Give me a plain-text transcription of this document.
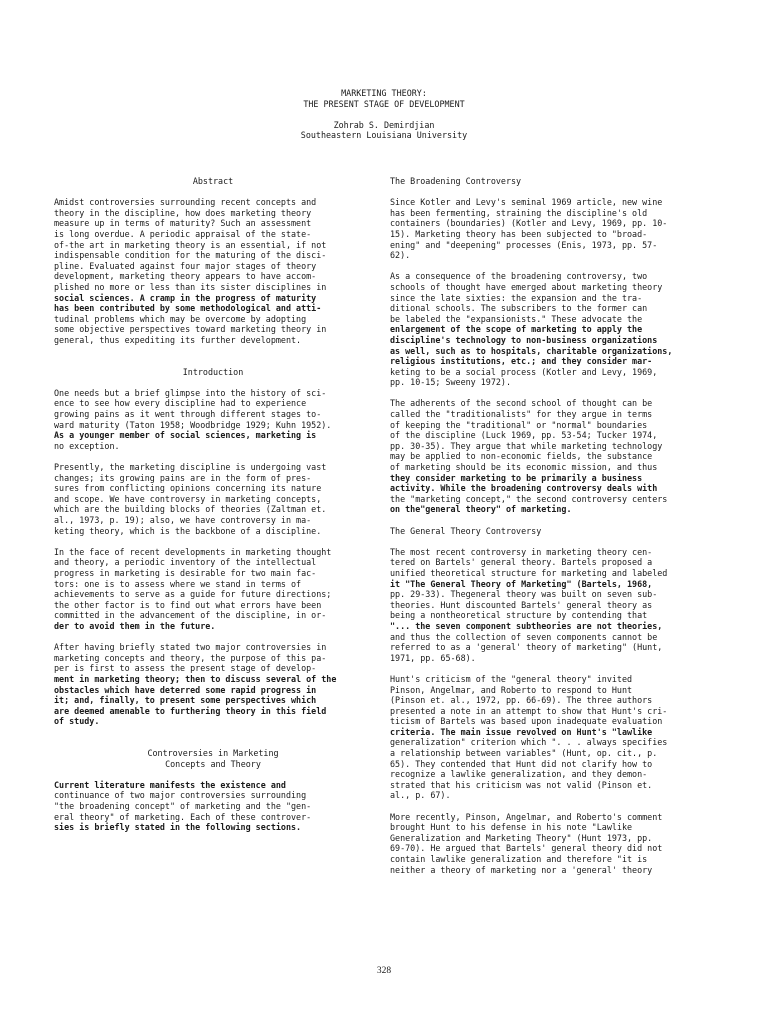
MARKETING THEORY:
THE PRESENT STAGE OF DEVELOPMENT
Zohrab S. Demirdjian
Southeastern Louisiana University
Abstract
Amidst controversies surrounding recent concepts and
theory in the discipline, how does marketing theory
measure up in terms of maturity? Such an assessment
is long overdue. A periodic appraisal of the state-
of-the art in marketing theory is an essential, if not
indispensable condition for the maturing of the disci-
pline. Evaluated against four major stages of theory
development, marketing theory appears to have accom-
plished no more or less than its sister disciplines in
social sciences. A cramp in the progress of maturity
has been contributed by some methodological and atti-
tudinal problems which may be overcome by adopting
some objective perspectives toward marketing theory in
general, thus expediting its further development.
Introduction
One needs but a brief glimpse into the history of sci-
ence to see how every discipline had to experience
growing pains as it went through different stages to-
ward maturity (Taton 1958; Woodbridge 1929; Kuhn 1952).
As a younger member of social sciences, marketing is
no exception.
Presently, the marketing discipline is undergoing vast
changes; its growing pains are in the form of pres-
sures from conflicting opinions concerning its nature
and scope. We have controversy in marketing concepts,
which are the building blocks of theories (Zaltman et.
al., 1973, p. 19); also, we have controversy in ma-
keting theory, which is the backbone of a discipline.
In the face of recent developments in marketing thought
and theory, a periodic inventory of the intellectual
progress in marketing is desirable for two main fac-
tors: one is to assess where we stand in terms of
achievements to serve as a guide for future directions;
the other factor is to find out what errors have been
committed in the advancement of the discipline, in or-
der to avoid them in the future.
After having briefly stated two major controversies in
marketing concepts and theory, the purpose of this pa-
per is first to assess the present stage of develop-
ment in marketing theory; then to discuss several of the
obstacles which have deterred some rapid progress in
it; and, finally, to present some perspectives which
are deemed amenable to furthering theory in this field
of study.
Controversies in Marketing
Concepts and Theory
Current literature manifests the existence and
continuance of two major controversies surrounding
"the broadening concept" of marketing and the "gen-
eral theory" of marketing. Each of these controver-
sies is briefly stated in the following sections.
The Broadening Controversy
Since Kotler and Levy's seminal 1969 article, new wine
has been fermenting, straining the discipline's old
containers (boundaries) (Kotler and Levy, 1969, pp. 10-
15). Marketing theory has been subjected to "broad-
ening" and "deepening" processes (Enis, 1973, pp. 57-
62).
As a consequence of the broadening controversy, two
schools of thought have emerged about marketing theory
since the late sixties: the expansion and the tra-
ditional schools. The subscribers to the former can
be labeled the "expansionists." These advocate the
enlargement of the scope of marketing to apply the
discipline's technology to non-business organizations
as well, such as to hospitals, charitable organizations,
religious institutions, etc.; and they consider mar-
keting to be a social process (Kotler and Levy, 1969,
pp. 10-15; Sweeny 1972).
The adherents of the second school of thought can be
called the "traditionalists" for they argue in terms
of keeping the "traditional" or "normal" boundaries
of the discipline (Luck 1969, pp. 53-54; Tucker 1974,
pp. 30-35). They argue that while marketing technology
may be applied to non-economic fields, the substance
of marketing should be its economic mission, and thus
they consider marketing to be primarily a business
activity. While the broadening controversy deals with
the "marketing concept," the second controversy centers
on the"general theory" of marketing.
The General Theory Controversy
The most recent controversy in marketing theory cen-
tered on Bartels' general theory. Bartels proposed a
unified theoretical structure for marketing and labeled
it "The General Theory of Marketing" (Bartels, 1968,
pp. 29-33). Thegeneral theory was built on seven sub-
theories. Hunt discounted Bartels' general theory as
being a nontheoretical structure by contending that
"... the seven component subtheories are not theories,
and thus the collection of seven components cannot be
referred to as a 'general' theory of marketing" (Hunt,
1971, pp. 65-68).
Hunt's criticism of the "general theory" invited
Pinson, Angelmar, and Roberto to respond to Hunt
(Pinson et. al., 1972, pp. 66-69). The three authors
presented a note in an attempt to show that Hunt's cri-
ticism of Bartels was based upon inadequate evaluation
criteria. The main issue revolved on Hunt's "lawlike
generalization" criterion which ". . . always specifies
a relationship between variables" (Hunt, op. cit., p.
65). They contended that Hunt did not clarify how to
recognize a lawlike generalization, and they demon-
strated that his criticism was not valid (Pinson et.
al., p. 67).
More recently, Pinson, Angelmar, and Roberto's comment
brought Hunt to his defense in his note "Lawlike
Generalization and Marketing Theory" (Hunt 1973, pp.
69-70). He argued that Bartels' general theory did not
contain lawlike generalization and therefore "it is
neither a theory of marketing nor a 'general' theory
328
